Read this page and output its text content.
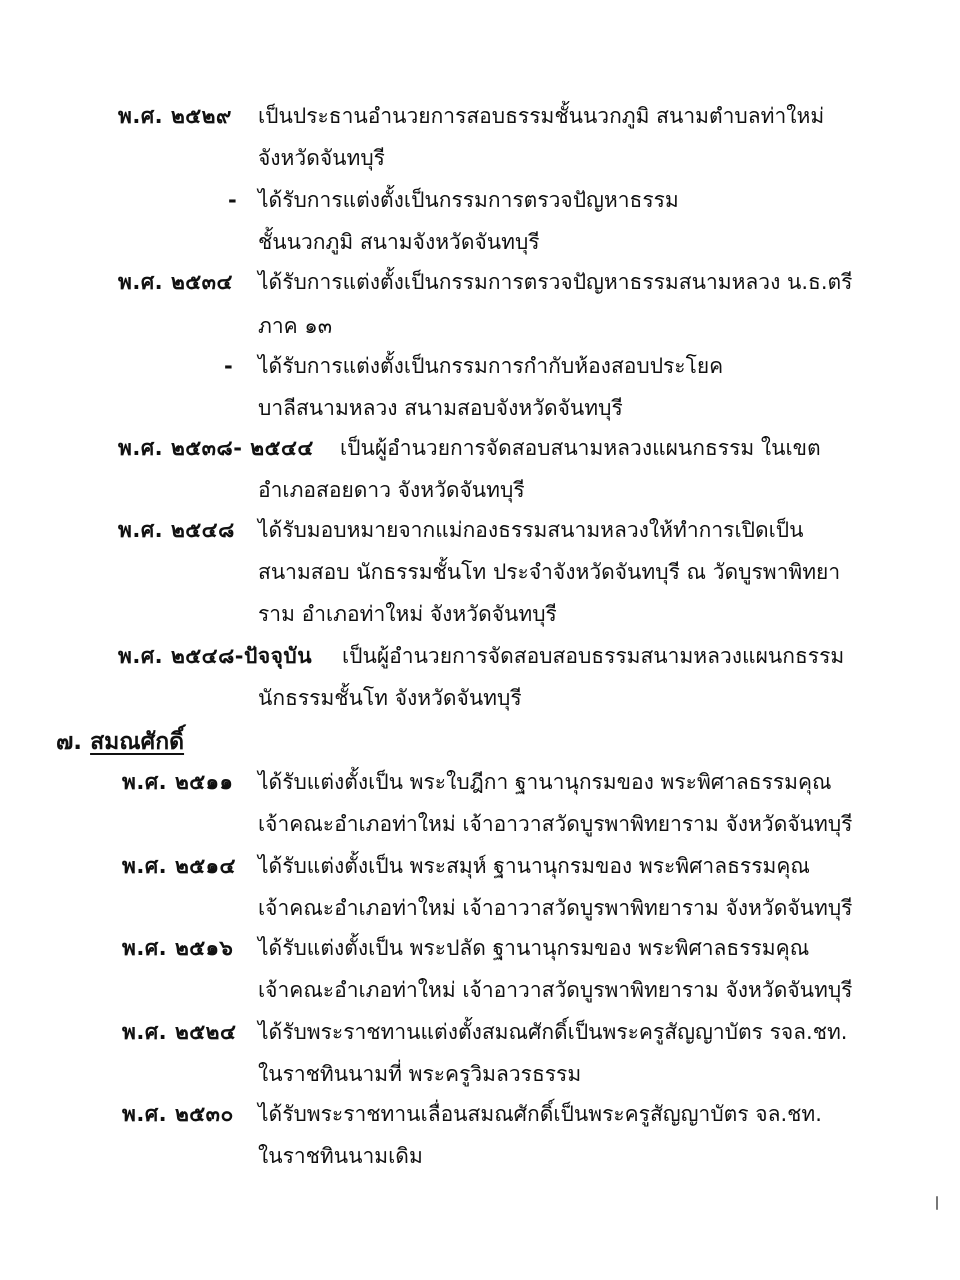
พ.ศ. ๒๕๒๙ เป็นประธานอำนวยการสอบธรรมชั้นนวกภูมิ สนามตำบลท่าใหม่
จังหวัดจันทบุรี
- ได้รับการแต่งตั้งเป็นกรรมการตรวจปัญหาธรรม
ชั้นนวกภูมิ สนามจังหวัดจันทบุรี
พ.ศ. ๒๕๓๔ ได้รับการแต่งตั้งเป็นกรรมการตรวจปัญหาธรรมสนามหลวง น.ธ.ตรี
ภาค ๑๓
- ได้รับการแต่งตั้งเป็นกรรมการกำกับห้องสอบประโยค
บาลีสนามหลวง สนามสอบจังหวัดจันทบุรี
พ.ศ. ๒๕๓๘- ๒๕๔๔ เป็นผู้อำนวยการจัดสอบสนามหลวงแผนกธรรม ในเขต
อำเภอสอยดาว จังหวัดจันทบุรี
พ.ศ. ๒๕๔๘ ได้รับมอบหมายจากแม่กองธรรมสนามหลวงให้ทำการเปิดเป็น
สนามสอบ นักธรรมชั้นโท ประจำจังหวัดจันทบุรี ณ วัดบูรพาพิทยา
ราม อำเภอท่าใหม่ จังหวัดจันทบุรี
พ.ศ. ๒๕๔๘-ปัจจุบัน เป็นผู้อำนวยการจัดสอบสอบธรรมสนามหลวงแผนกธรรม
นักธรรมชั้นโท จังหวัดจันทบุรี
๗. สมณศักดิ์
พ.ศ. ๒๕๑๑ ได้รับแต่งตั้งเป็น พระใบฎีกา ฐานานุกรมของ พระพิศาลธรรมคุณ
เจ้าคณะอำเภอท่าใหม่ เจ้าอาวาสวัดบูรพาพิทยาราม จังหวัดจันทบุรี
พ.ศ. ๒๕๑๔ ได้รับแต่งตั้งเป็น พระสมุห์ ฐานานุกรมของ พระพิศาลธรรมคุณ
เจ้าคณะอำเภอท่าใหม่ เจ้าอาวาสวัดบูรพาพิทยาราม จังหวัดจันทบุรี
พ.ศ. ๒๕๑๖ ได้รับแต่งตั้งเป็น พระปลัด ฐานานุกรมของ พระพิศาลธรรมคุณ
เจ้าคณะอำเภอท่าใหม่ เจ้าอาวาสวัดบูรพาพิทยาราม จังหวัดจันทบุรี
พ.ศ. ๒๕๒๔ ได้รับพระราชทานแต่งตั้งสมณศักดิ์เป็นพระครูสัญญาบัตร รจล.ชท.
ในราชทินนามที่ พระครูวิมลวรธรรม
พ.ศ. ๒๕๓๐ ได้รับพระราชทานเลื่อนสมณศักดิ์เป็นพระครูสัญญาบัตร จล.ชท.
ในราชทินนามเดิม
